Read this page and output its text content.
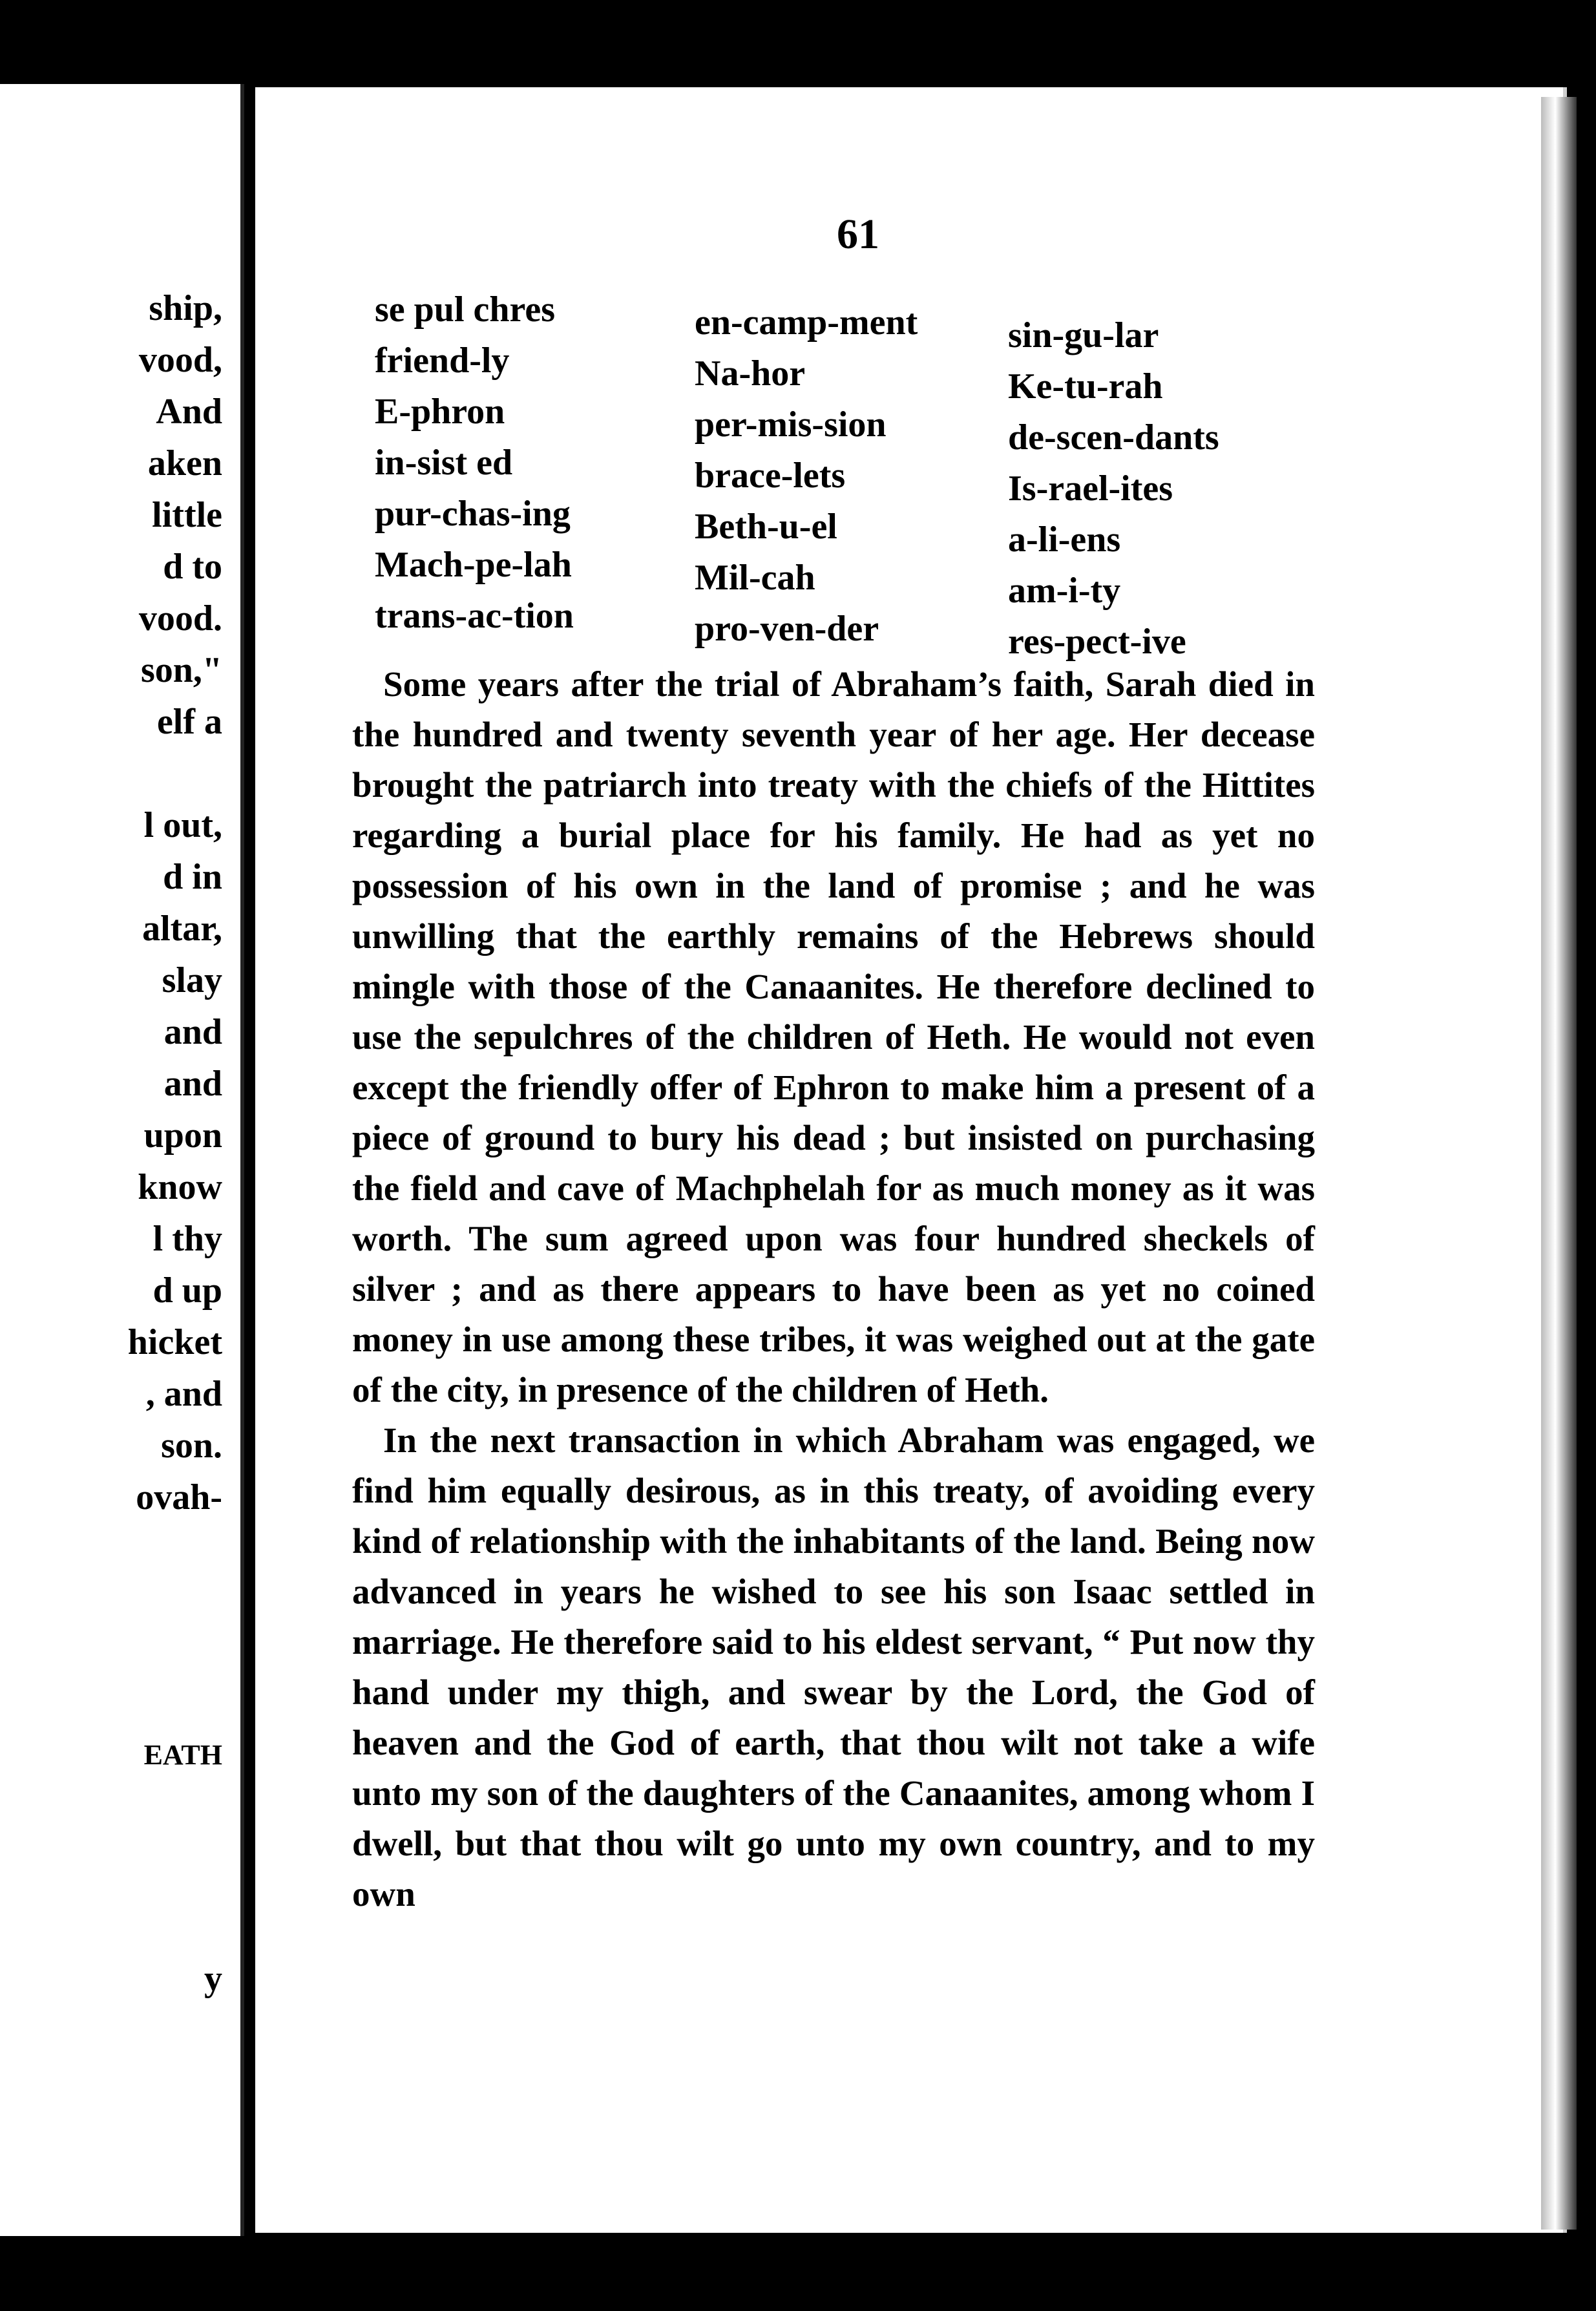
ship,
vood,
And
aken
little
d to
vood.
son,"
elf a
l out,
d in
altar,
slay
and
and
upon
know
l thy
d up
hicket
, and
son.
ovah-
EATH
y
61
se pul chres
friend-ly
E-phron
in-sist ed
pur-chas-ing
Mach-pe-lah
trans-ac-tion
en-camp-ment
Na-hor
per-mis-sion
brace-lets
Beth-u-el
Mil-cah
pro-ven-der
sin-gu-lar
Ke-tu-rah
de-scen-dants
Is-rael-ites
a-li-ens
am-i-ty
res-pect-ive

Some years after the trial of Abraham’s faith, Sarah died in the hundred and twenty seventh year of her age. Her decease brought the patriarch into treaty with the chiefs of the Hittites regarding a burial place for his family. He had as yet no possession of his own in the land of promise ; and he was unwilling that the earthly remains of the Hebrews should mingle with those of the Canaanites. He therefore declined to use the sepulchres of the children of Heth. He would not even except the friendly offer of Ephron to make him a present of a piece of ground to bury his dead ; but insisted on purchasing the field and cave of Machphelah for as much money as it was worth. The sum agreed upon was four hundred sheckels of silver ; and as there appears to have been as yet no coined money in use among these tribes, it was weighed out at the gate of the city, in presence of the children of Heth.

In the next transaction in which Abraham was engaged, we find him equally desirous, as in this treaty, of avoiding every kind of relationship with the inhabitants of the land. Being now advanced in years he wished to see his son Isaac settled in marriage. He therefore said to his eldest servant, “ Put now thy hand under my thigh, and swear by the Lord, the God of heaven and the God of earth, that thou wilt not take a wife unto my son of the daughters of the Canaanites, among whom I dwell, but that thou wilt go unto my own country, and to my own
